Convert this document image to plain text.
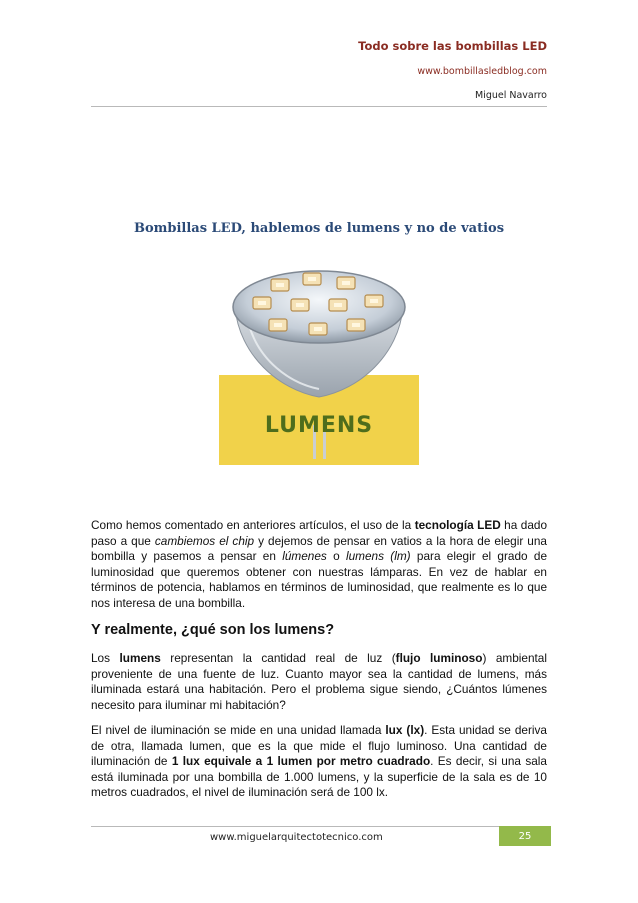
Todo sobre las bombillas LED
www.bombillasledblog.com
Miguel Navarro
Bombillas LED, hablemos de lumens y no de vatios
LUMENS

Como hemos comentado en anteriores artículos, el uso de la tecnología LED ha dado paso a que cambiemos el chip y dejemos de pensar en vatios a la hora de elegir una bombilla y pasemos a pensar en lúmenes o lumens (lm) para elegir el grado de luminosidad que queremos obtener con nuestras lámparas. En vez de hablar en términos de potencia, hablamos en términos de luminosidad, que realmente es lo que nos interesa de una bombilla.

Y realmente, ¿qué son los lumens?

Los lumens representan la cantidad real de luz (flujo luminoso) ambiental proveniente de una fuente de luz. Cuanto mayor sea la cantidad de lumens, más iluminada estará una habitación. Pero el problema sigue siendo, ¿Cuántos lúmenes necesito para iluminar mi habitación?

El nivel de iluminación se mide en una unidad llamada lux (lx). Esta unidad se deriva de otra, llamada lumen, que es la que mide el flujo luminoso. Una cantidad de iluminación de 1 lux equivale a 1 lumen por metro cuadrado. Es decir, si una sala está iluminada por una bombilla de 1.000 lumens, y la superficie de la sala es de 10 metros cuadrados, el nivel de iluminación será de 100 lx.

www.miguelarquitectotecnico.com	25
